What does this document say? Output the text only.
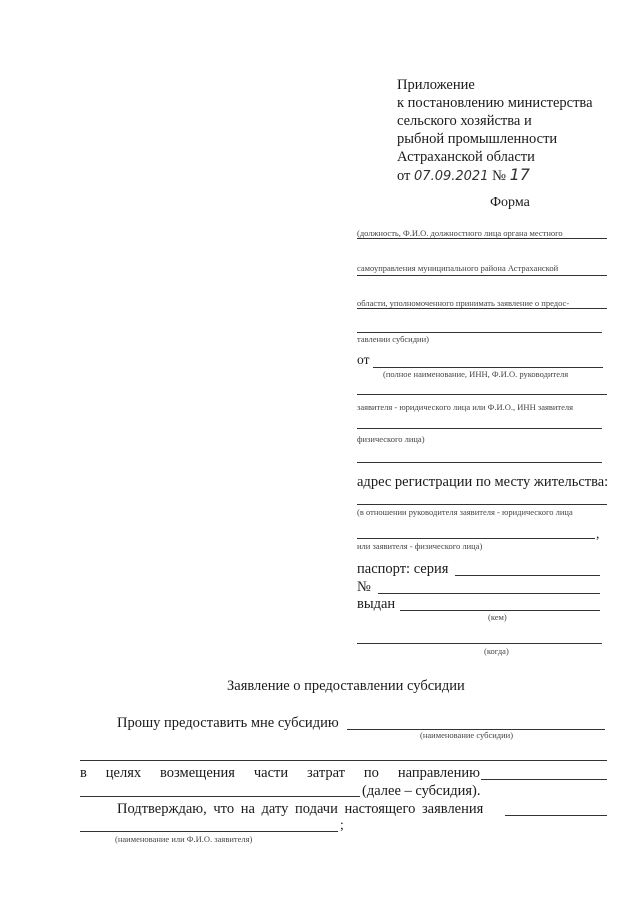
Приложение
к постановлению министерства
сельского хозяйства и
рыбной промышленности
Астраханской области
от 07.09.2021 № 17
Форма
(должность, Ф.И.О. должностного лица органа местного
самоуправления муниципального района Астраханской
области, уполномоченного принимать заявление о предос-
тавлении субсидии)
от
(полное наименование, ИНН, Ф.И.О. руководителя
заявителя - юридического лица или Ф.И.О., ИНН заявителя
физического лица)
адрес регистрации по месту жительства:
(в отношении руководителя заявителя - юридического лица
,
или заявителя - физического лица)
паспорт: серия
№
выдан
(кем)
(когда)
Заявление о предоставлении субсидии
Прошу предоставить мне субсидию
(наименование субсидии)
в целях возмещения части затрат по направлению
(далее – субсидия).
Подтверждаю, что на дату подачи настоящего заявления
;
(наименование или Ф.И.О. заявителя)
